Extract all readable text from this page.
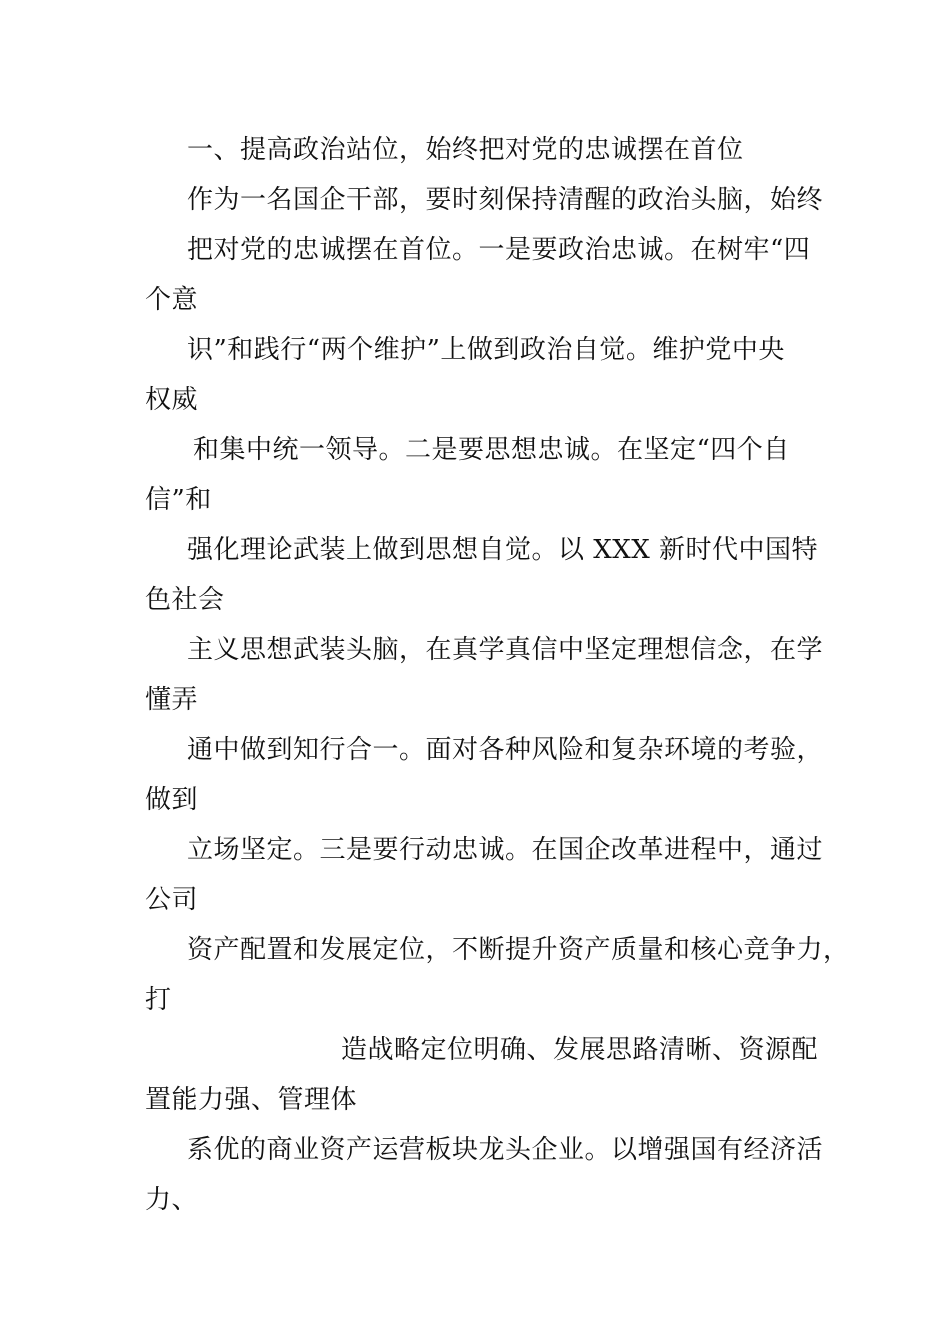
一、提高政治站位，始终把对党的忠诚摆在首位
作为一名国企干部，要时刻保持清醒的政治头脑，始终
把对党的忠诚摆在首位。一是要政治忠诚。在树牢“四
个意
识”和践行“两个维护”上做到政治自觉。维护党中央
权威
和集中统一领导。二是要思想忠诚。在坚定“四个自
信”和
强化理论武装上做到思想自觉。以 XXX 新时代中国特
色社会
主义思想武装头脑，在真学真信中坚定理想信念，在学
懂弄
通中做到知行合一。面对各种风险和复杂环境的考验，
做到
立场坚定。三是要行动忠诚。在国企改革进程中，通过
公司
资产配置和发展定位，不断提升资产质量和核心竞争力，
打
造战略定位明确、发展思路清晰、资源配
置能力强、管理体
系优的商业资产运营板块龙头企业。以增强国有经济活
力、
